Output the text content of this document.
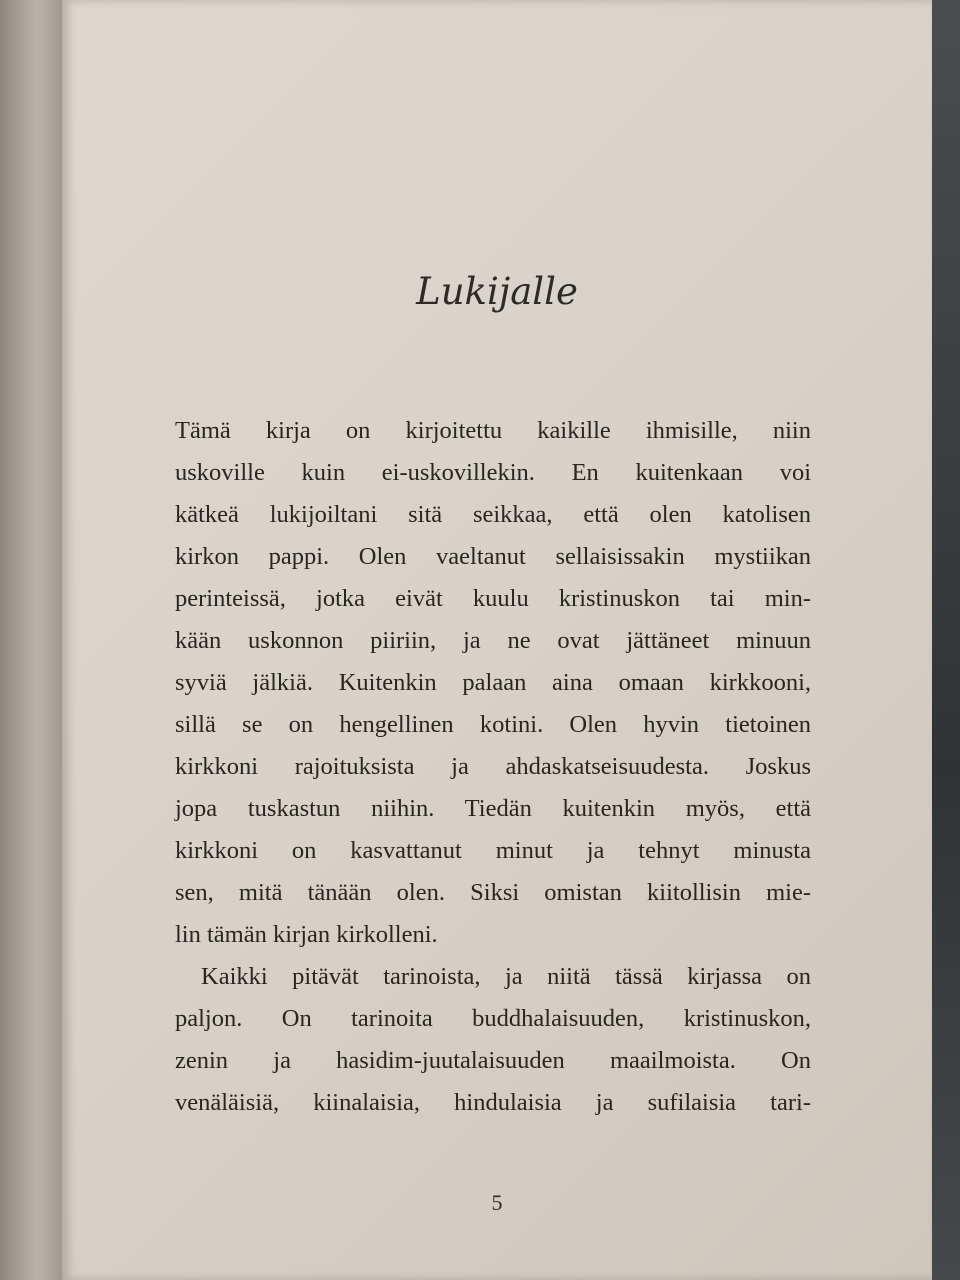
Lukijalle
Tämä kirja on kirjoitettu kaikille ihmisille, niin
uskoville kuin ei-uskovillekin. En kuitenkaan voi
kätkeä lukijoiltani sitä seikkaa, että olen katolisen
kirkon pappi. Olen vaeltanut sellaisissakin mystiikan
perinteissä, jotka eivät kuulu kristinuskon tai min-
kään uskonnon piiriin, ja ne ovat jättäneet minuun
syviä jälkiä. Kuitenkin palaan aina omaan kirkkooni,
sillä se on hengellinen kotini. Olen hyvin tietoinen
kirkkoni rajoituksista ja ahdaskatseisuudesta. Joskus
jopa tuskastun niihin. Tiedän kuitenkin myös, että
kirkkoni on kasvattanut minut ja tehnyt minusta
sen, mitä tänään olen. Siksi omistan kiitollisin mie-
lin tämän kirjan kirkolleni.
Kaikki pitävät tarinoista, ja niitä tässä kirjassa on
paljon. On tarinoita buddhalaisuuden, kristinuskon,
zenin ja hasidim-juutalaisuuden maailmoista. On
venäläisiä, kiinalaisia, hindulaisia ja sufilaisia tari-
5
